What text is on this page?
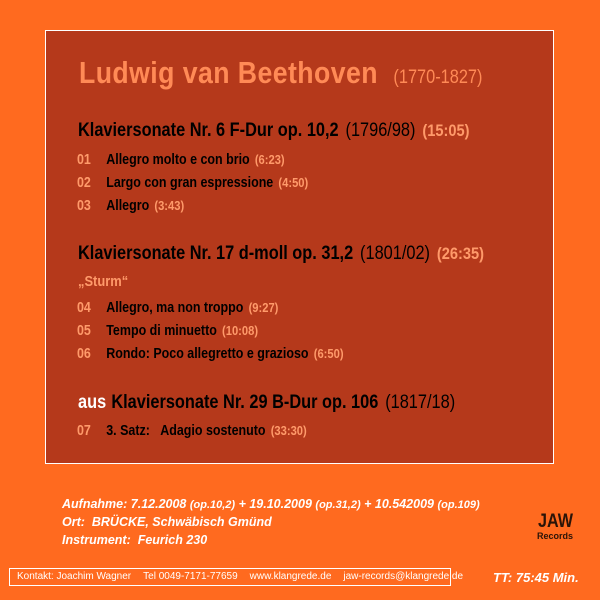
Ludwig van Beethoven (1770-1827)
Klaviersonate Nr. 6 F-Dur op. 10,2 (1796/98) (15:05)
01 Allegro molto e con brio (6:23)
02 Largo con gran espressione (4:50)
03 Allegro (3:43)
Klaviersonate Nr. 17 d-moll op. 31,2 (1801/02) (26:35)
„Sturm“
04 Allegro, ma non troppo (9:27)
05 Tempo di minuetto (10:08)
06 Rondo: Poco allegretto e grazioso (6:50)
aus Klaviersonate Nr. 29 B-Dur op. 106 (1817/18)
07 3. Satz: Adagio sostenuto (33:30)
Aufnahme: 7.12.2008 (op.10,2) + 19.10.2009 (op.31,2) + 10.542009 (op.109)
Ort: BRÜCKE, Schwäbisch Gmünd
Instrument: Feurich 230
JAW
Records
Kontakt: Joachim Wagner Tel 0049-7171-77659 www.klangrede.de jaw-records@klangrede.de TT: 75:45 Min.
